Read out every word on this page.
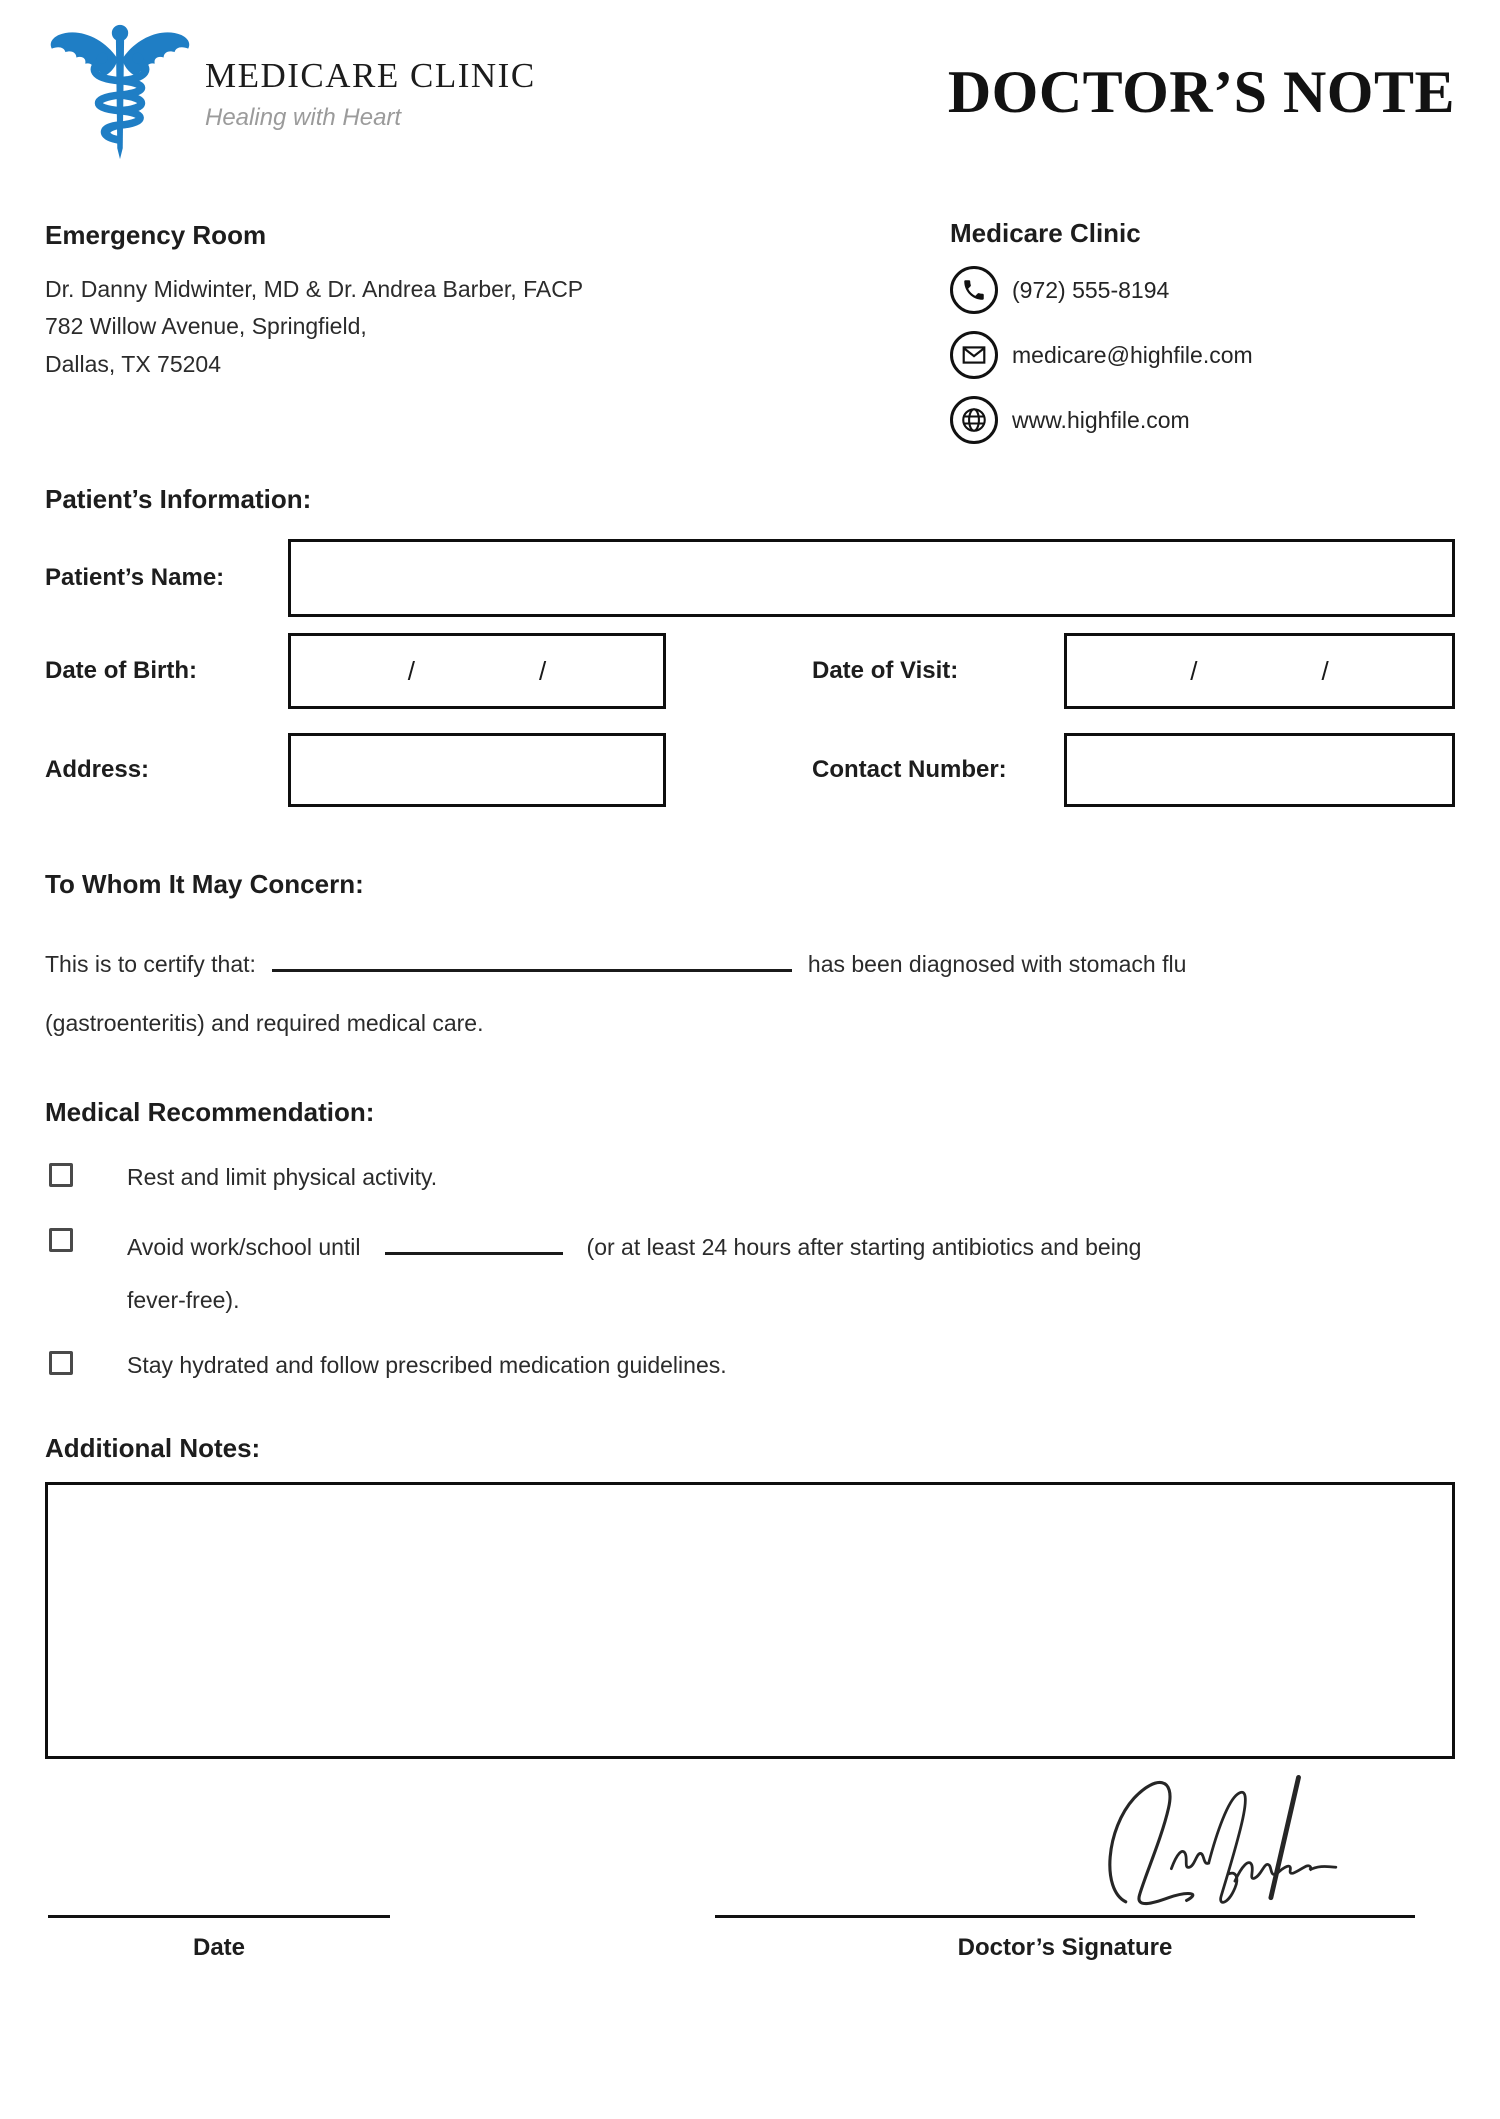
MEDICARE CLINIC
Healing with Heart	DOCTOR’S NOTE
Emergency Room
Dr. Danny Midwinter, MD & Dr. Andrea Barber, FACP
782 Willow Avenue, Springfield,
Dallas, TX 75204
Medicare Clinic
(972) 555-8194
medicare@highfile.com
www.highfile.com
Patient’s Information:
Patient’s Name:
Date of Birth:	/	/	Date of Visit:	/	/
Address:	Contact Number:
To Whom It May Concern:
This is to certify that:	has been diagnosed with stomach flu
(gastroenteritis) and required medical care.
Medical Recommendation:
Rest and limit physical activity.
Avoid work/school until	(or at least 24 hours after starting antibiotics and being
fever-free).
Stay hydrated and follow prescribed medication guidelines.
Additional Notes:
Date	Doctor’s Signature
